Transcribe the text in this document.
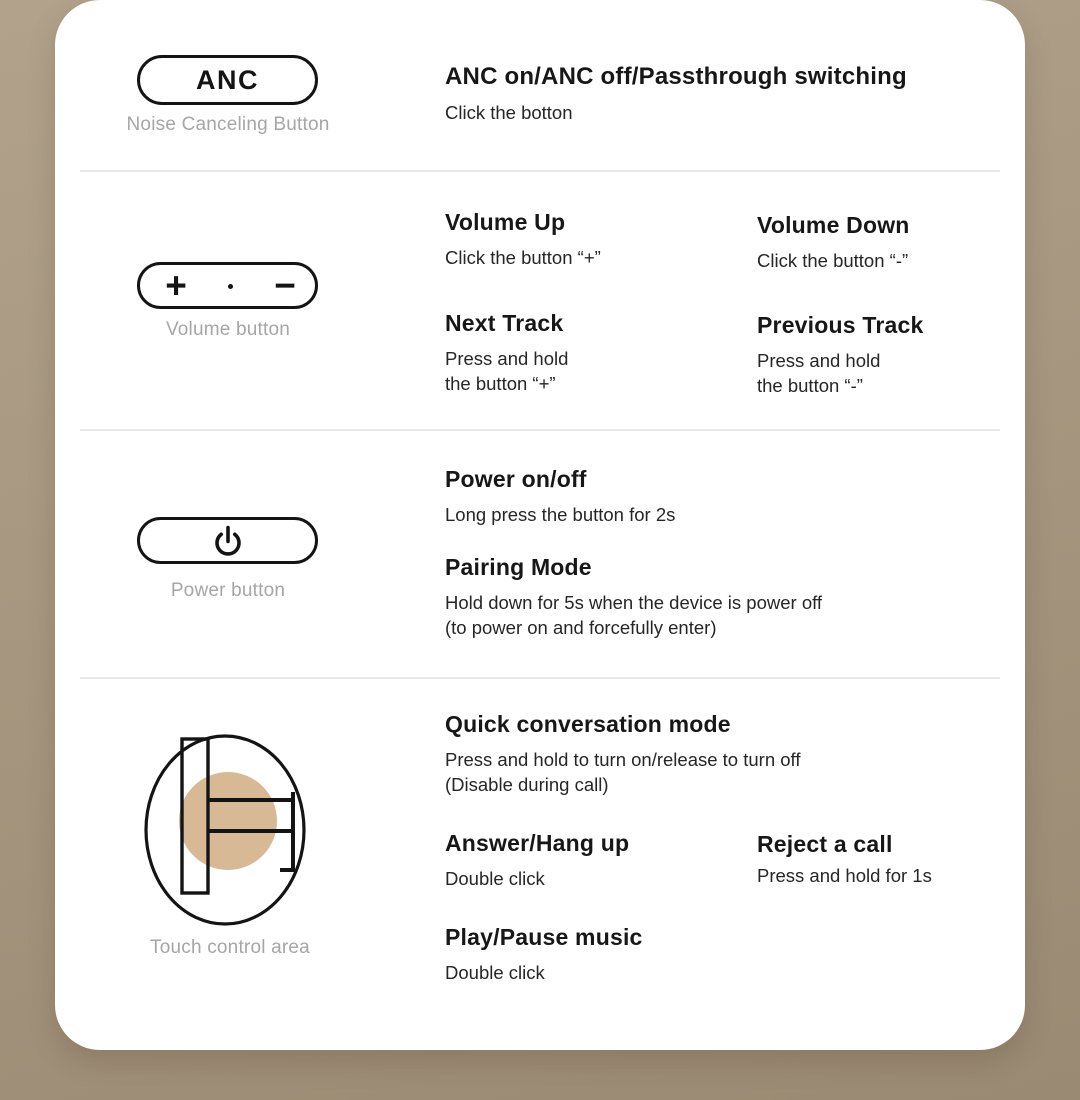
ANC
Noise Canceling Button
ANC on/ANC off/Passthrough switching
Click the botton
+ −
Volume button
Volume Up
Click the button “+”
Volume Down
Click the button “-”
Next Track
Press and hold
the button “+”
Previous Track
Press and hold
the button “-”
Power button
Power on/off
Long press the button for 2s
Pairing Mode
Hold down for 5s when the device is power off
(to power on and forcefully enter)
Touch control area
Quick conversation mode
Press and hold to turn on/release to turn off
(Disable during call)
Answer/Hang up
Double click
Reject a call
Press and hold for 1s
Play/Pause music
Double click
